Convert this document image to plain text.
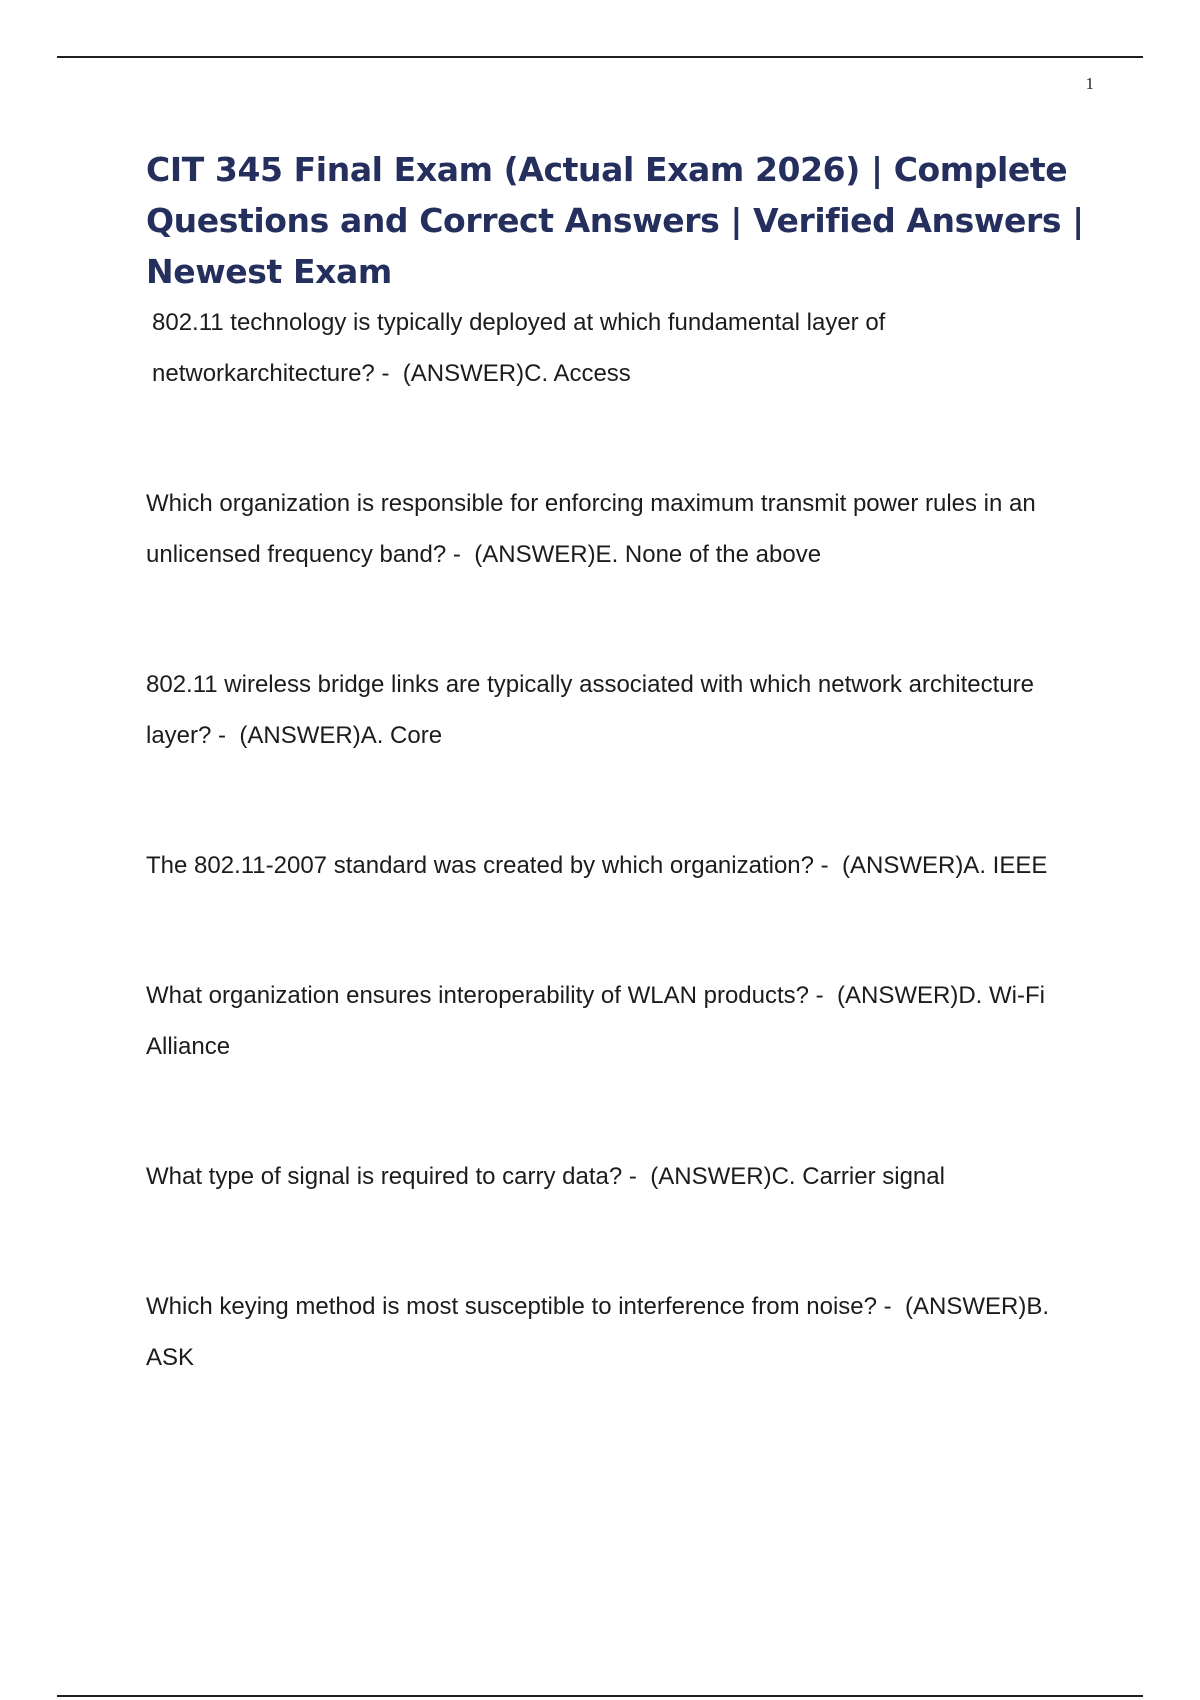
1
CIT 345 Final Exam (Actual Exam 2026) | Complete Questions and Correct Answers | Verified Answers | Newest Exam
802.11 technology is typically deployed at which fundamental layer of networkarchitecture? - (ANSWER)C. Access
Which organization is responsible for enforcing maximum transmit power rules in an unlicensed frequency band? - (ANSWER)E. None of the above
802.11 wireless bridge links are typically associated with which network architecture layer? - (ANSWER)A. Core
The 802.11-2007 standard was created by which organization? - (ANSWER)A. IEEE
What organization ensures interoperability of WLAN products? - (ANSWER)D. Wi-Fi Alliance
What type of signal is required to carry data? - (ANSWER)C. Carrier signal
Which keying method is most susceptible to interference from noise? - (ANSWER)B. ASK
